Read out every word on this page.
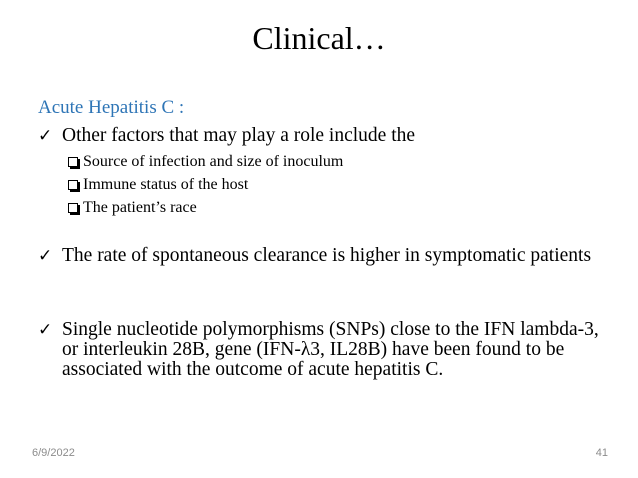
Clinical…
Acute Hepatitis C :
✓ Other factors that may play a role include the
Source of infection and size of inoculum
Immune status of the host
The patient’s race
✓ The rate of spontaneous clearance is higher in symptomatic patients
✓ Single nucleotide polymorphisms (SNPs) close to the IFN lambda-3, or interleukin 28B, gene (IFN-λ3, IL28B) have been found to be associated with the outcome of acute hepatitis C.
6/9/2022	41
